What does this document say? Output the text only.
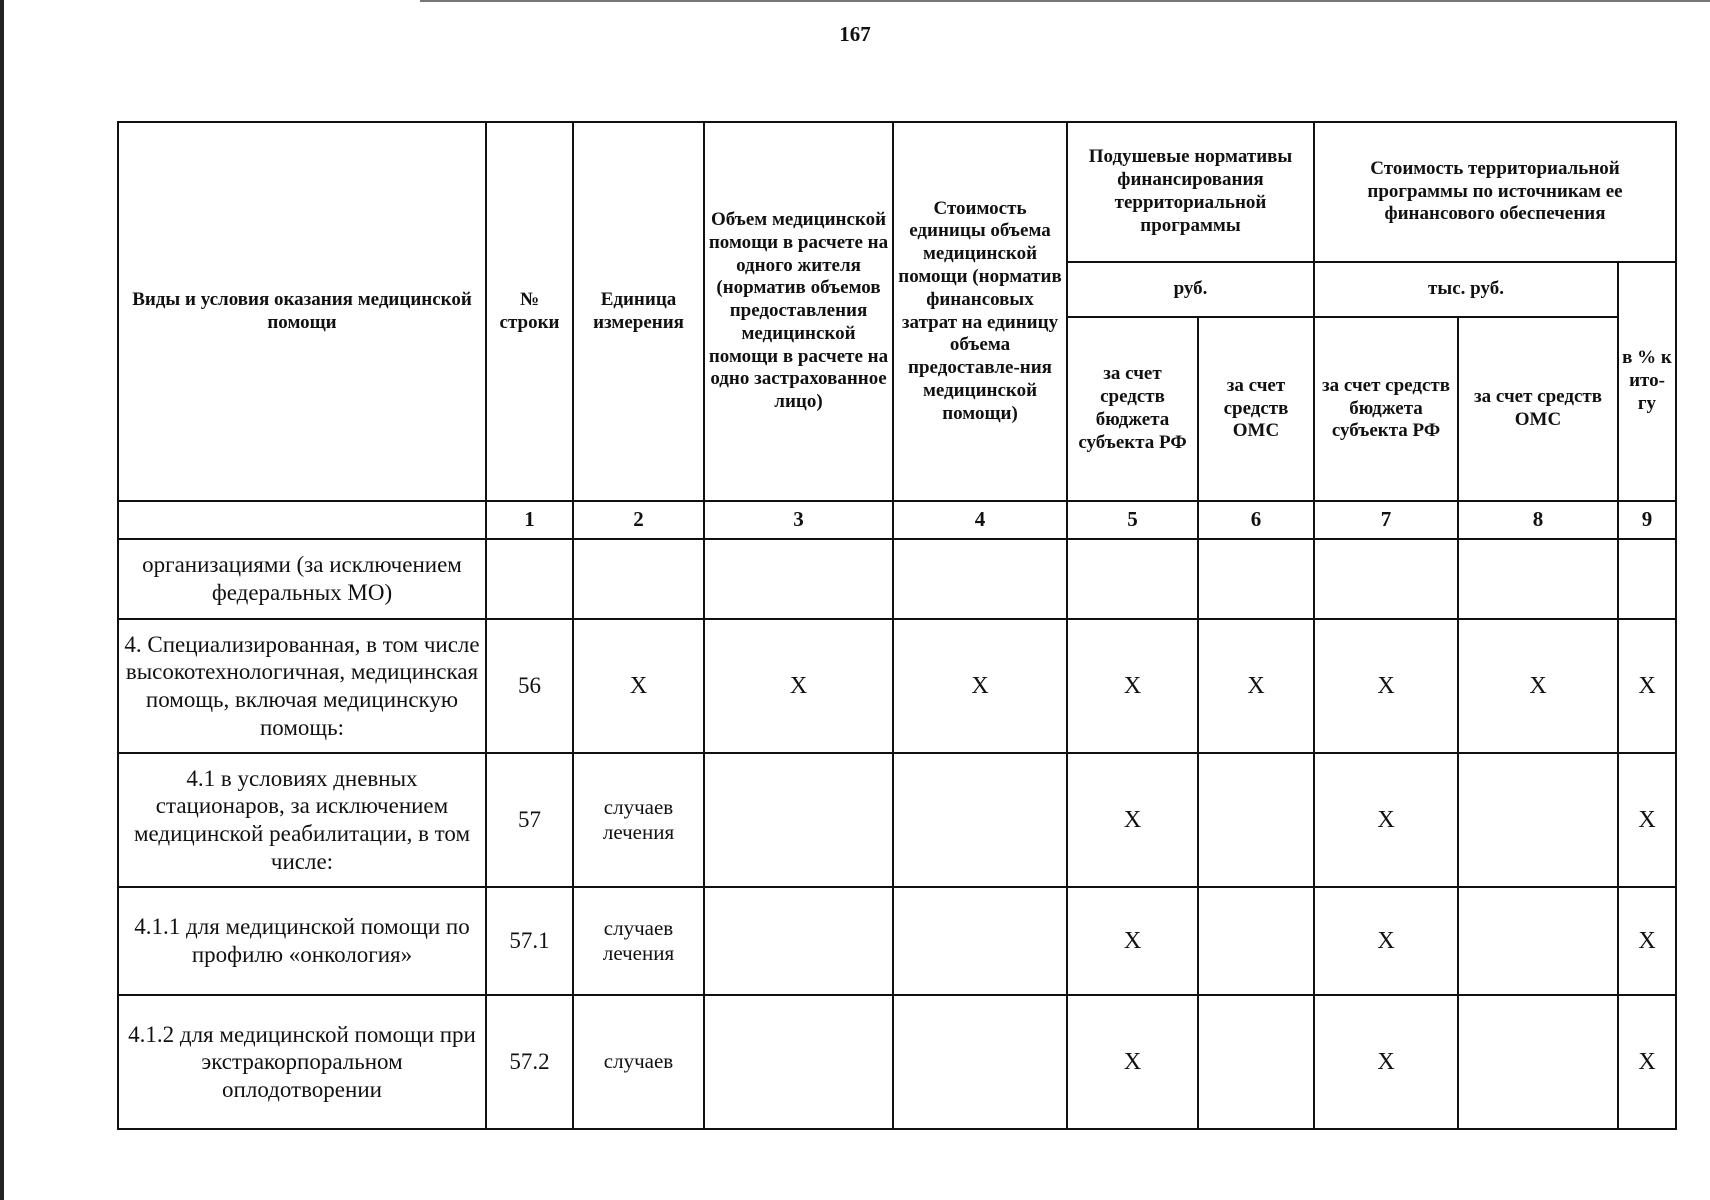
167
Виды и условия оказания медицинской помощи	№ строки	Единица измерения	Объем медицинской помощи в расчете на одного жителя (норматив объемов предоставления медицинской помощи в расчете на одно застрахованное лицо)	Стоимость единицы объема медицинской помощи (норматив финансовых затрат на единицу объема предоставле-ния медицинской помощи)	Подушевые нормативы финансирования территориальной программы		Стоимость территориальной программы по источникам ее финансового обеспечения		
					руб.		тыс. руб.		в % к ито-гу
					за счет средств бюджета субъекта РФ	за счет средств ОМС	за счет средств бюджета субъекта РФ	за счет средств ОМС	
	1	2	3	4	5	6	7	8	9
организациями (за исключением федеральных МО)									
4. Специализированная, в том числе высокотехнологичная, медицинская помощь, включая медицинскую помощь:	56	Х	Х	Х	Х	Х	Х	Х	Х
4.1 в условиях дневных стационаров, за исключением медицинской реабилитации, в том числе:	57	случаев лечения			Х		Х		Х
4.1.1 для медицинской помощи по профилю «онкология»	57.1	случаев лечения			Х		Х		Х
4.1.2 для медицинской помощи при экстракорпоральном оплодотворении	57.2	случаев			Х		Х		Х
